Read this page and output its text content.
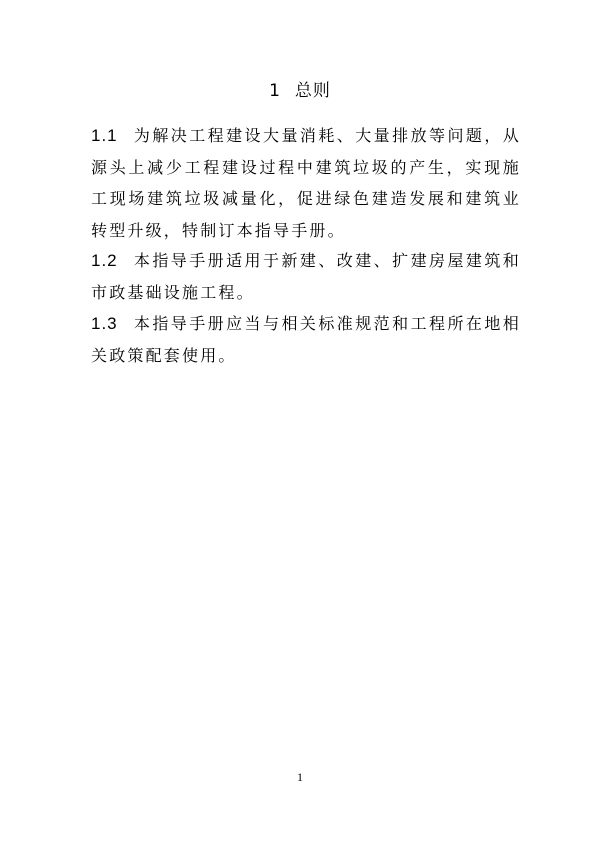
1 总则
1.1 为解决工程建设大量消耗、大量排放等问题，从源头上减少工程建设过程中建筑垃圾的产生，实现施工现场建筑垃圾减量化，促进绿色建造发展和建筑业转型升级，特制订本指导手册。
1.2 本指导手册适用于新建、改建、扩建房屋建筑和市政基础设施工程。
1.3 本指导手册应当与相关标准规范和工程所在地相关政策配套使用。
1
